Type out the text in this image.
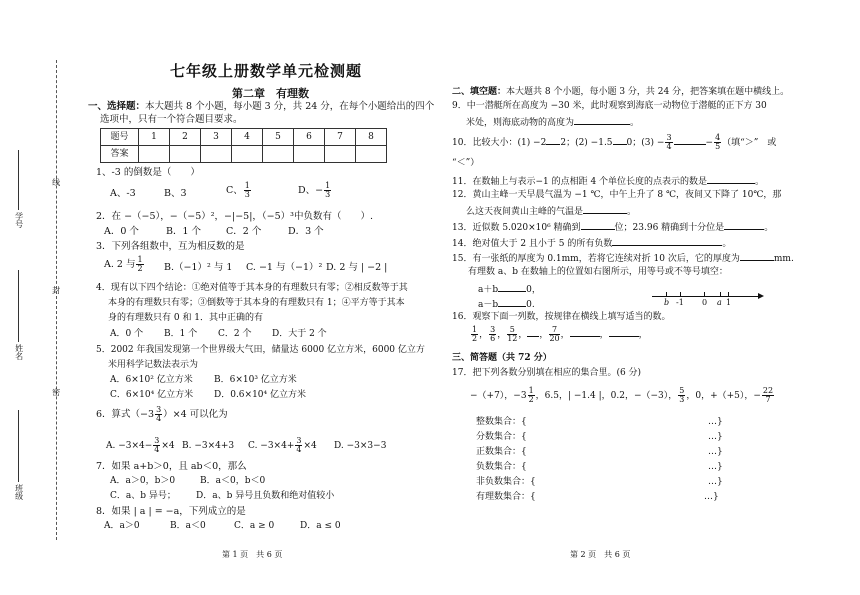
学号
姓名
班级
线
封
密
七年级上册数学单元检测题
第二章　有理数
一、选择题：本大题共 8 个小题，每小题 3 分，共 24 分，在每个小题给出的四个
选项中，只有一个符合题目要求。
题号	1	2	3	4	5	6	7	8
答案								
1、-3 的倒数是（　　）
A、-3	B、3	C、 $\frac{1}{3}$	D、− $\frac{1}{3}$
2．在 −（−5），−（−5）²，−|−5|，（−5）³中负数有（　　）.
A．0 个	B．1 个	C．2 个	D．3 个
3．下列各组数中，互为相反数的是
A. 2 与 $\frac{1}{2} B.(-1)^2$ 与 1 C. −1 与（−1）² D. 2 与 | −2 |
4．现有以下四个结论：①绝对值等于其本身的有理数只有零；②相反数等于其
本身的有理数只有零；③倒数等于其本身的有理数只有 1；④平方等于其本
身的有理数只有 0 和 1．其中正确的有
A．0 个 B．1 个 C．2 个 D．大于 2 个
5．2002 年我国发现第一个世界级大气田，储量达 6000 亿立方米，6000 亿立方
米用科学记数法表示为
A．6×10² 亿立方米 B．6×10³ 亿立方米
C．6×10⁴ 亿立方米 D．0.6×10⁴ 亿立方米
6．算式$(-3 \frac{3}{4} )\times 4$ 可以化为
A. $-3\times 4- \frac{3}{4} \times 4$ B. −3×4+3 C. $-3\times 4+ \frac{3}{4} \times 4$ D. −3×3−3
7．如果 a+b＞0，且 ab＜0，那么
A．a＞0，b＞0	B．a＜0，b＜0
C．a、b 异号； D．a、b 异号且负数和绝对值较小
8．如果 | a | = −a，下列成立的是
A．a＞0	B．a＜0	C．a ≥ 0	D．a ≤ 0
第 1 页　共 6 页
二、填空题：本大题共 8 个小题，每小题 3 分，共 24 分，把答案填在题中横线上。
9．中一潜艇所在高度为 −30 米，此时观察到海底一动物位于潜艇的正下方 30
米处，则海底动物的高度为	。
10．比较大小：(1) −2 2；(2) −1.5 0；$(3) - \frac{3}{4}$	− $\frac{4}{5}$ （填“＞”　或
“＜”）
11．在数轴上与表示−1 的点相距 4 个单位长度的点表示的数是	。
12．黄山主峰一天早晨气温为 −1 ℃，中午上升了 8 ℃，夜间又下降了 10℃，那
么这天夜间黄山主峰的气温是	。
13．近似数 5.020×10⁶ 精确到	位；23.96 精确到十分位是	。
14．绝对值大于 2 且小于 5 的所有负数	。
15．有一张纸的厚度为 0.1mm，若将它连续对折 10 次后，它的厚度为	mm.
有理数 a、b 在数轴上的位置如右图所示，用等号或不等号填空：
a＋b	0，
a－b	0.	b -1 0 a 1
16．观察下面一列数，按规律在横线上填写适当的数。
$\frac{1}{2}$ ， $\frac{3}{6}$ ， $\frac{5}{12}$ ， ， $\frac{7}{20}$ ，	，	，
三、简答题（共 72 分）
17．把下列各数分别填在相应的集合里。(6 分)
−（+7），$-3 \frac{1}{2}$ ，6.5，| −1.4 |，0.2，−（−3）， $\frac{5}{3}$ ，0，+（+5），− $\frac{22}{7}$
整数集合：{	…}
分数集合：{	…}
正数集合：{	…}
负数集合：{	…}
非负数集合：{	…}
有理数集合：{	…}
第 2 页　共 6 页
